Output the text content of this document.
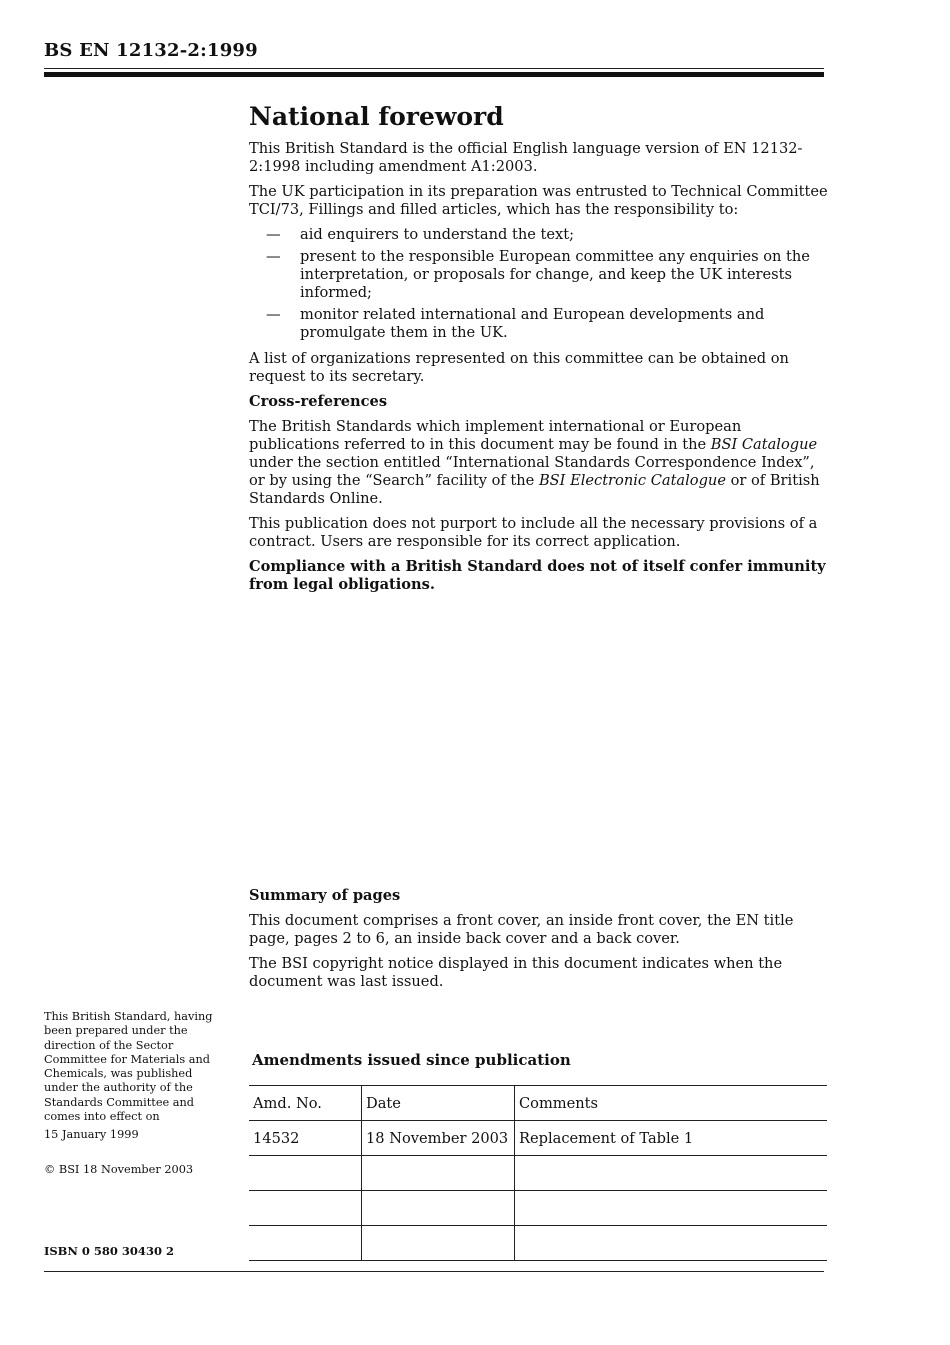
BS EN 12132-2:1999
National foreword

This British Standard is the official English language version of EN 12132-2:1998 including amendment A1:2003.

The UK participation in its preparation was entrusted to Technical Committee TCI/73, Fillings and filled articles, which has the responsibility to:

— aid enquirers to understand the text;
— present to the responsible European committee any enquiries on the interpretation, or proposals for change, and keep the UK interests informed;
— monitor related international and European developments and promulgate them in the UK.

A list of organizations represented on this committee can be obtained on request to its secretary.

Cross-references

The British Standards which implement international or European publications referred to in this document may be found in the BSI Catalogue under the section entitled “International Standards Correspondence Index”, or by using the “Search” facility of the BSI Electronic Catalogue or of British Standards Online.

This publication does not purport to include all the necessary provisions of a contract. Users are responsible for its correct application.

Compliance with a British Standard does not of itself confer immunity from legal obligations.

Summary of pages

This document comprises a front cover, an inside front cover, the EN title page, pages 2 to 6, an inside back cover and a back cover.

The BSI copyright notice displayed in this document indicates when the document was last issued.

This British Standard, having been prepared under the direction of the Sector Committee for Materials and Chemicals, was published under the authority of the Standards Committee and comes into effect on

15 January 1999

© BSI 18 November 2003

ISBN 0 580 30430 2
Amendments issued since publication
Amd. No.	Date	Comments
14532	18 November 2003	Replacement of Table 1
